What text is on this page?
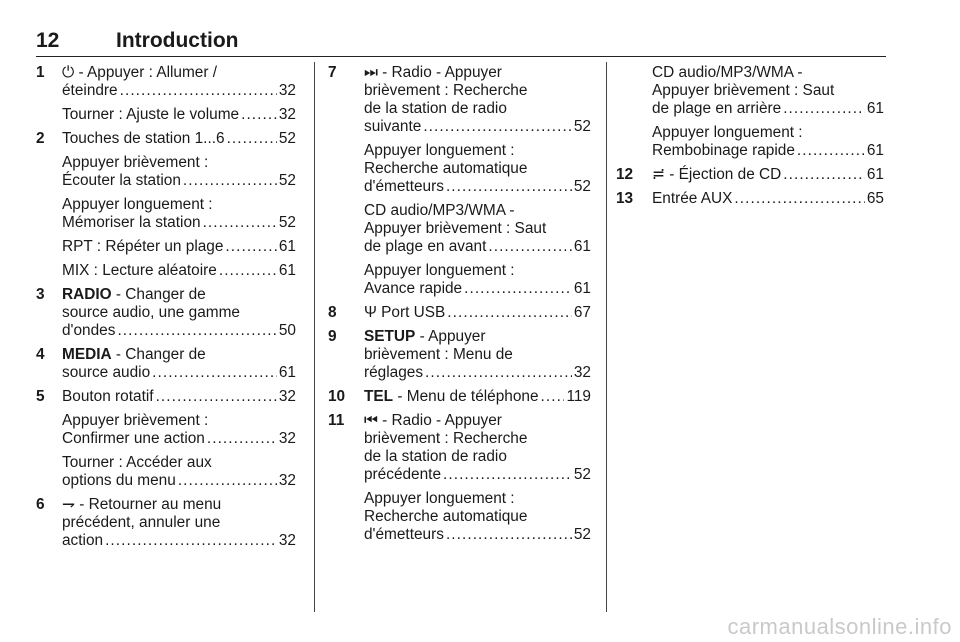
12	Introduction
1 ⏻ - Appuyer : Allumer /
éteindre . . .	32
Tourner : Ajuste le volume . . .	32
2 Touches de station 1...6 . . .	52
Appuyer brièvement :
Écouter la station . . .	52
Appuyer longuement :
Mémoriser la station . . .	52
RPT : Répéter un plage . . .	61
MIX : Lecture aléatoire . . .	61
3 RADIO - Changer de
source audio, une gamme
d'ondes . . .	50
4 MEDIA - Changer de
source audio . . .	61
5 Bouton rotatif . . .	32
Appuyer brièvement :
Confirmer une action . . .	32
Tourner : Accéder aux
options du menu . . .	32
6 ⇁ - Retourner au menu
précédent, annuler une
action . . .	32
7 ⏭ - Radio - Appuyer
brièvement : Recherche
de la station de radio
suivante . . .	52
Appuyer longuement :
Recherche automatique
d'émetteurs . . .	52
CD audio/MP3/WMA -
Appuyer brièvement : Saut
de plage en avant . . .	61
Appuyer longuement :
Avance rapide . . .	61
8 Ψ Port USB . . .	67
9 SETUP - Appuyer
brièvement : Menu de
réglages . . .	32
10 TEL - Menu de téléphone . . . 119
11 ⏮ - Radio - Appuyer
brièvement : Recherche
de la station de radio
précédente . . .	52
Appuyer longuement :
Recherche automatique
d'émetteurs . . .	52
CD audio/MP3/WMA -
Appuyer brièvement : Saut
de plage en arrière . . .	61
Appuyer longuement :
Rembobinage rapide . . .	61
12 ≓ - Éjection de CD . . .	61
13 Entrée AUX . . .	65
carmanualsonline.info
